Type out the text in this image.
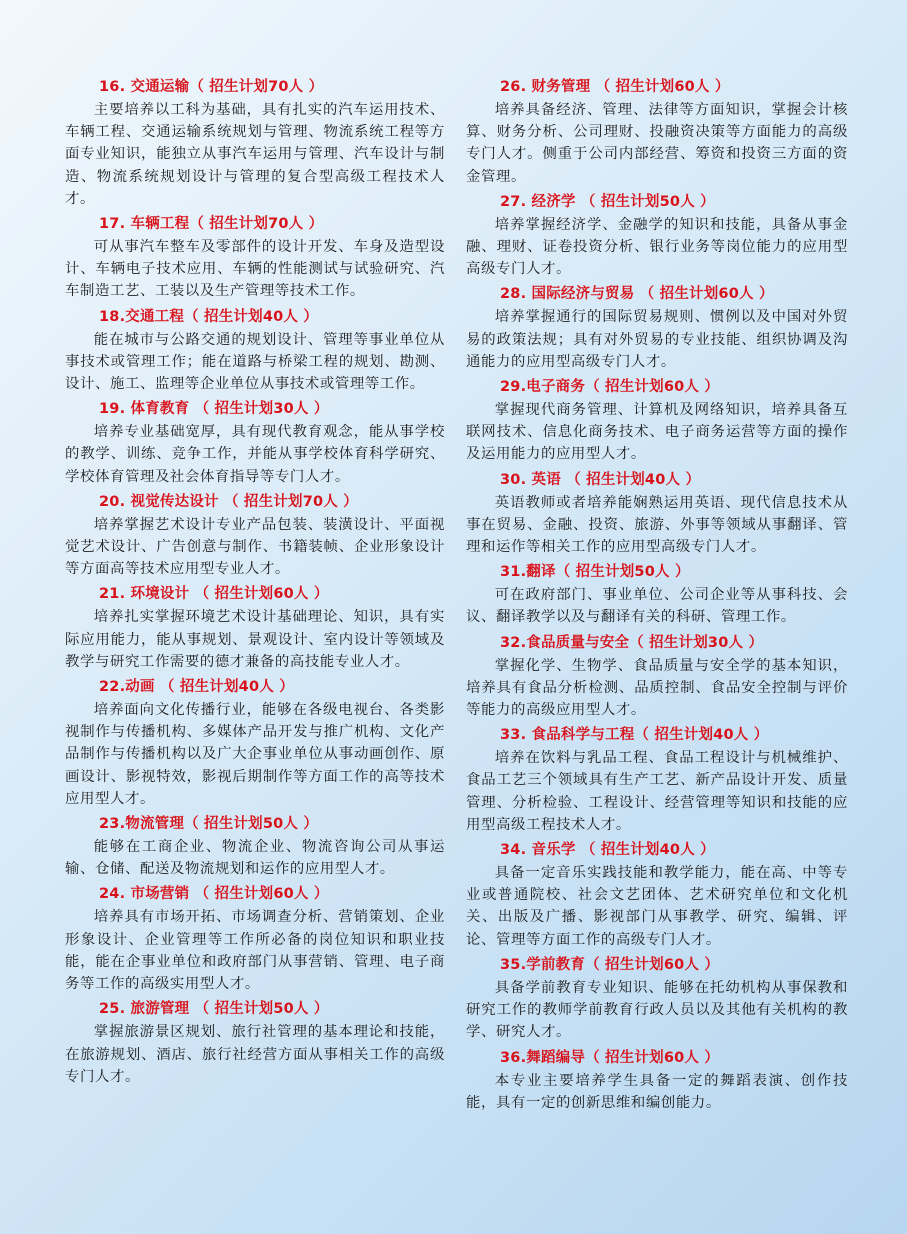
16. 交通运输（ 招生计划70人 ）

主要培养以工科为基础，具有扎实的汽车运用技术、车辆工程、交通运输系统规划与管理、物流系统工程等方面专业知识，能独立从事汽车运用与管理、汽车设计与制造、物流系统规划设计与管理的复合型高级工程技术人才。

17. 车辆工程（ 招生计划70人 ）

可从事汽车整车及零部件的设计开发、车身及造型设计、车辆电子技术应用、车辆的性能测试与试验研究、汽车制造工艺、工装以及生产管理等技术工作。

18.交通工程（ 招生计划40人 ）

能在城市与公路交通的规划设计、管理等事业单位从事技术或管理工作；能在道路与桥梁工程的规划、勘测、设计、施工、监理等企业单位从事技术或管理等工作。

19. 体育教育 （ 招生计划30人 ）

培养专业基础宽厚，具有现代教育观念，能从事学校的教学、训练、竞争工作，并能从事学校体育科学研究、学校体育管理及社会体育指导等专门人才。

20. 视觉传达设计 （ 招生计划70人 ）

培养掌握艺术设计专业产品包装、装潢设计、平面视觉艺术设计、广告创意与制作、书籍装帧、企业形象设计等方面高等技术应用型专业人才。

21. 环境设计 （ 招生计划60人 ）

培养扎实掌握环境艺术设计基础理论、知识，具有实际应用能力，能从事规划、景观设计、室内设计等领域及教学与研究工作需要的德才兼备的高技能专业人才。

22.动画 （ 招生计划40人 ）

培养面向文化传播行业，能够在各级电视台、各类影视制作与传播机构、多媒体产品开发与推广机构、文化产品制作与传播机构以及广大企事业单位从事动画创作、原画设计、影视特效，影视后期制作等方面工作的高等技术应用型人才。

23.物流管理（ 招生计划50人 ）

能够在工商企业、物流企业、物流咨询公司从事运输、仓储、配送及物流规划和运作的应用型人才。

24. 市场营销 （ 招生计划60人 ）

培养具有市场开拓、市场调查分析、营销策划、企业形象设计、企业管理等工作所必备的岗位知识和职业技能，能在企事业单位和政府部门从事营销、管理、电子商务等工作的高级实用型人才。

25. 旅游管理 （ 招生计划50人 ）

掌握旅游景区规划、旅行社管理的基本理论和技能，在旅游规划、酒店、旅行社经营方面从事相关工作的高级专门人才。

26. 财务管理 （ 招生计划60人 ）

培养具备经济、管理、法律等方面知识，掌握会计核算、财务分析、公司理财、投融资决策等方面能力的高级专门人才。侧重于公司内部经营、筹资和投资三方面的资金管理。

27. 经济学 （ 招生计划50人 ）

培养掌握经济学、金融学的知识和技能，具备从事金融、理财、证卷投资分析、银行业务等岗位能力的应用型高级专门人才。

28. 国际经济与贸易 （ 招生计划60人 ）

培养掌握通行的国际贸易规则、惯例以及中国对外贸易的政策法规；具有对外贸易的专业技能、组织协调及沟通能力的应用型高级专门人才。

29.电子商务（ 招生计划60人 ）

掌握现代商务管理、计算机及网络知识，培养具备互联网技术、信息化商务技术、电子商务运营等方面的操作及运用能力的应用型人才。

30. 英语 （ 招生计划40人 ）

英语教师或者培养能娴熟运用英语、现代信息技术从事在贸易、金融、投资、旅游、外事等领域从事翻译、管理和运作等相关工作的应用型高级专门人才。

31.翻译（ 招生计划50人 ）

可在政府部门、事业单位、公司企业等从事科技、会议、翻译教学以及与翻译有关的科研、管理工作。

32.食品质量与安全（ 招生计划30人 ）

掌握化学、生物学、食品质量与安全学的基本知识，培养具有食品分析检测、品质控制、食品安全控制与评价等能力的高级应用型人才。

33. 食品科学与工程（ 招生计划40人 ）

培养在饮料与乳品工程、食品工程设计与机械维护、食品工艺三个领域具有生产工艺、新产品设计开发、质量管理、分析检验、工程设计、经营管理等知识和技能的应用型高级工程技术人才。

34. 音乐学 （ 招生计划40人 ）

具备一定音乐实践技能和教学能力，能在高、中等专业或普通院校、社会文艺团体、艺术研究单位和文化机关、出版及广播、影视部门从事教学、研究、编辑、评论、管理等方面工作的高级专门人才。

35.学前教育（ 招生计划60人 ）

具备学前教育专业知识、能够在托幼机构从事保教和研究工作的教师学前教育行政人员以及其他有关机构的教学、研究人才。

36.舞蹈编导（ 招生计划60人 ）

本专业主要培养学生具备一定的舞蹈表演、创作技能，具有一定的创新思维和编创能力。
